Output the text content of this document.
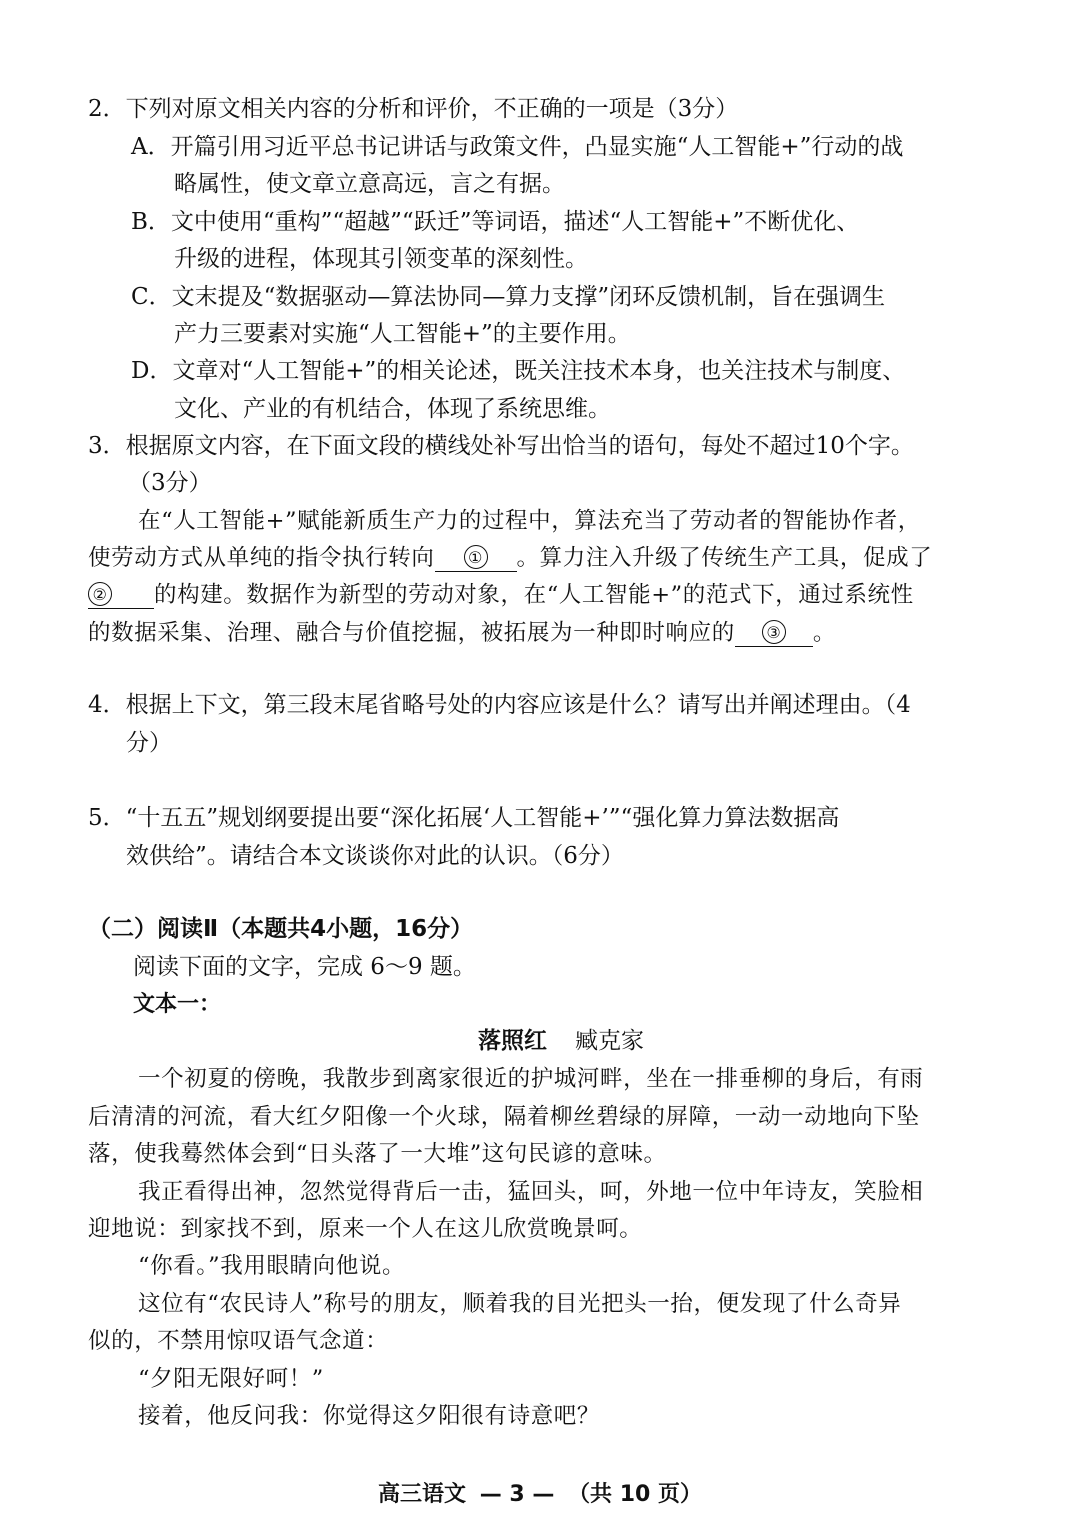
2．下列对原文相关内容的分析和评价，不正确的一项是（3分）
A．开篇引用习近平总书记讲话与政策文件，凸显实施“人工智能+”行动的战
略属性，使文章立意高远，言之有据。
B．文中使用“重构”“超越”“跃迁”等词语，描述“人工智能+”不断优化、
升级的进程，体现其引领变革的深刻性。
C．文末提及“数据驱动—算法协同—算力支撑”闭环反馈机制，旨在强调生
产力三要素对实施“人工智能+”的主要作用。
D．文章对“人工智能+”的相关论述，既关注技术本身，也关注技术与制度、
文化、产业的有机结合，体现了系统思维。
3．根据原文内容，在下面文段的横线处补写出恰当的语句，每处不超过10个字。
（3分）
在“人工智能+”赋能新质生产力的过程中，算法充当了劳动者的智能协作者，
使劳动方式从单纯的指令执行转向 ① 。算力注入升级了传统生产工具，促成了
② 的构建。数据作为新型的劳动对象，在“人工智能+”的范式下，通过系统性
的数据采集、治理、融合与价值挖掘，被拓展为一种即时响应的 ③ 。
4．根据上下文，第三段末尾省略号处的内容应该是什么？请写出并阐述理由。（4
分）
5．“十五五”规划纲要提出要“深化拓展‘人工智能+’”“强化算力算法数据高
效供给”。请结合本文谈谈你对此的认识。（6分）
（二）阅读Ⅱ（本题共4小题，16分）
阅读下面的文字，完成 6～9 题。
文本一：
落照红 臧克家
一个初夏的傍晚，我散步到离家很近的护城河畔，坐在一排垂柳的身后，有雨
后清清的河流，看大红夕阳像一个火球，隔着柳丝碧绿的屏障，一动一动地向下坠
落，使我蓦然体会到“日头落了一大堆”这句民谚的意味。
我正看得出神，忽然觉得背后一击，猛回头，呵，外地一位中年诗友，笑脸相
迎地说：到家找不到，原来一个人在这儿欣赏晚景呵。
“你看。”我用眼睛向他说。
这位有“农民诗人”称号的朋友，顺着我的目光把头一抬，便发现了什么奇异
似的，不禁用惊叹语气念道：
“夕阳无限好呵！”
接着，他反问我：你觉得这夕阳很有诗意吧？
高三语文 — 3 — （共 10 页）
